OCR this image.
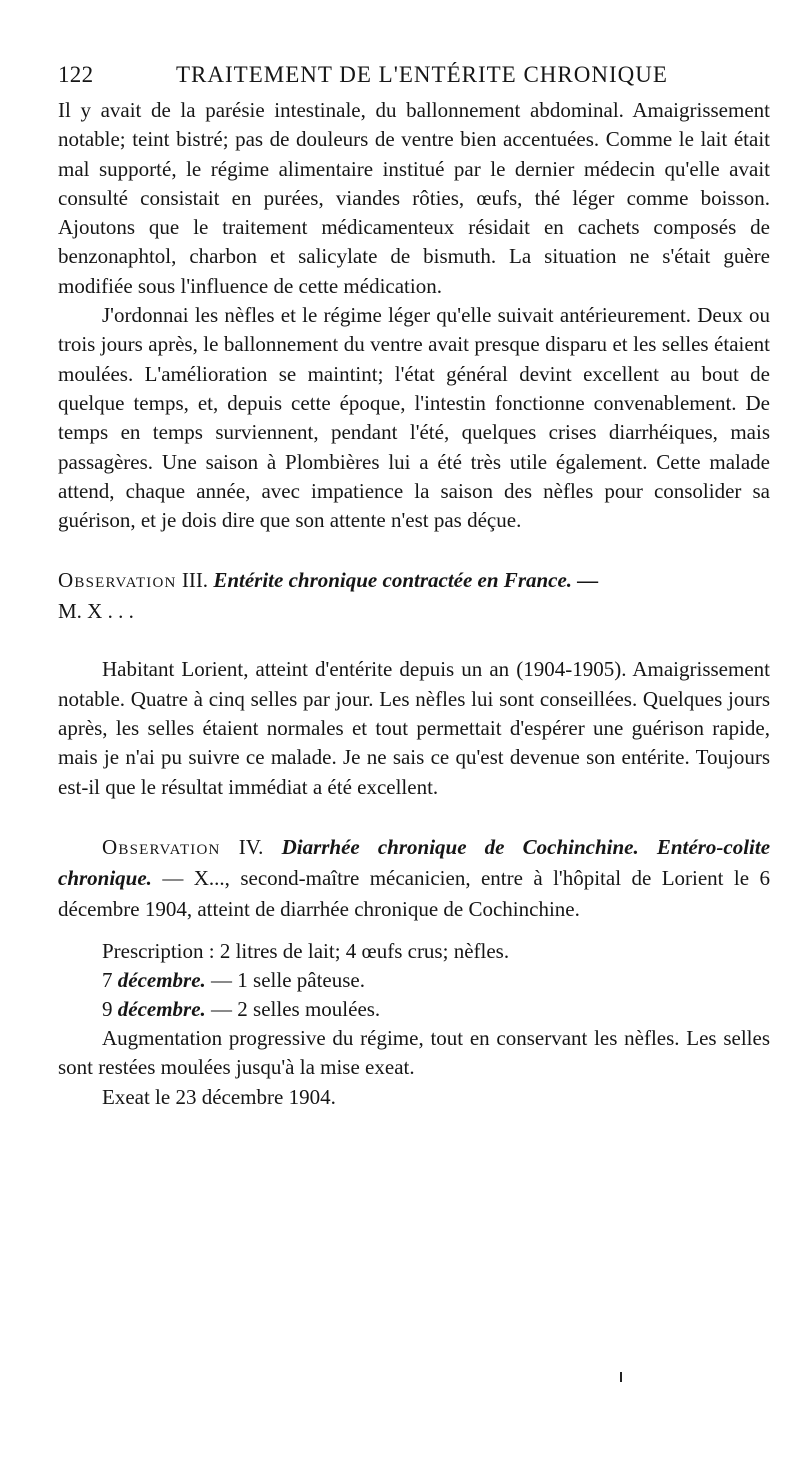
122	TRAITEMENT DE L'ENTÉRITE CHRONIQUE

Il y avait de la parésie intestinale, du ballonnement abdominal. Amaigrissement notable; teint bistré; pas de douleurs de ventre bien accentuées. Comme le lait était mal supporté, le régime alimentaire institué par le dernier médecin qu'elle avait consulté consistait en purées, viandes rôties, œufs, thé léger comme boisson. Ajoutons que le traitement médicamenteux résidait en cachets composés de benzonaphtol, charbon et salicylate de bismuth. La situation ne s'était guère modifiée sous l'influence de cette médication.

J'ordonnai les nèfles et le régime léger qu'elle suivait antérieurement. Deux ou trois jours après, le ballonnement du ventre avait presque disparu et les selles étaient moulées. L'amélioration se maintint; l'état général devint excellent au bout de quelque temps, et, depuis cette époque, l'intestin fonctionne convenablement. De temps en temps surviennent, pendant l'été, quelques crises diarrhéiques, mais passagères. Une saison à Plombières lui a été très utile également. Cette malade attend, chaque année, avec impatience la saison des nèfles pour consolider sa guérison, et je dois dire que son attente n'est pas déçue.

Observation III. Entérite chronique contractée en France. —
M. X . . .

Habitant Lorient, atteint d'entérite depuis un an (1904-1905). Amaigrissement notable. Quatre à cinq selles par jour. Les nèfles lui sont conseillées. Quelques jours après, les selles étaient normales et tout permettait d'espérer une guérison rapide, mais je n'ai pu suivre ce malade. Je ne sais ce qu'est devenue son entérite. Toujours est-il que le résultat immédiat a été excellent.

Observation IV. Diarrhée chronique de Cochinchine. Entéro-colite chronique. — X..., second-maître mécanicien, entre à l'hôpital de Lorient le 6 décembre 1904, atteint de diarrhée chronique de Cochinchine.

Prescription : 2 litres de lait; 4 œufs crus; nèfles.

7 décembre. — 1 selle pâteuse.

9 décembre. — 2 selles moulées.

Augmentation progressive du régime, tout en conservant les nèfles. Les selles sont restées moulées jusqu'à la mise exeat.

Exeat le 23 décembre 1904.
